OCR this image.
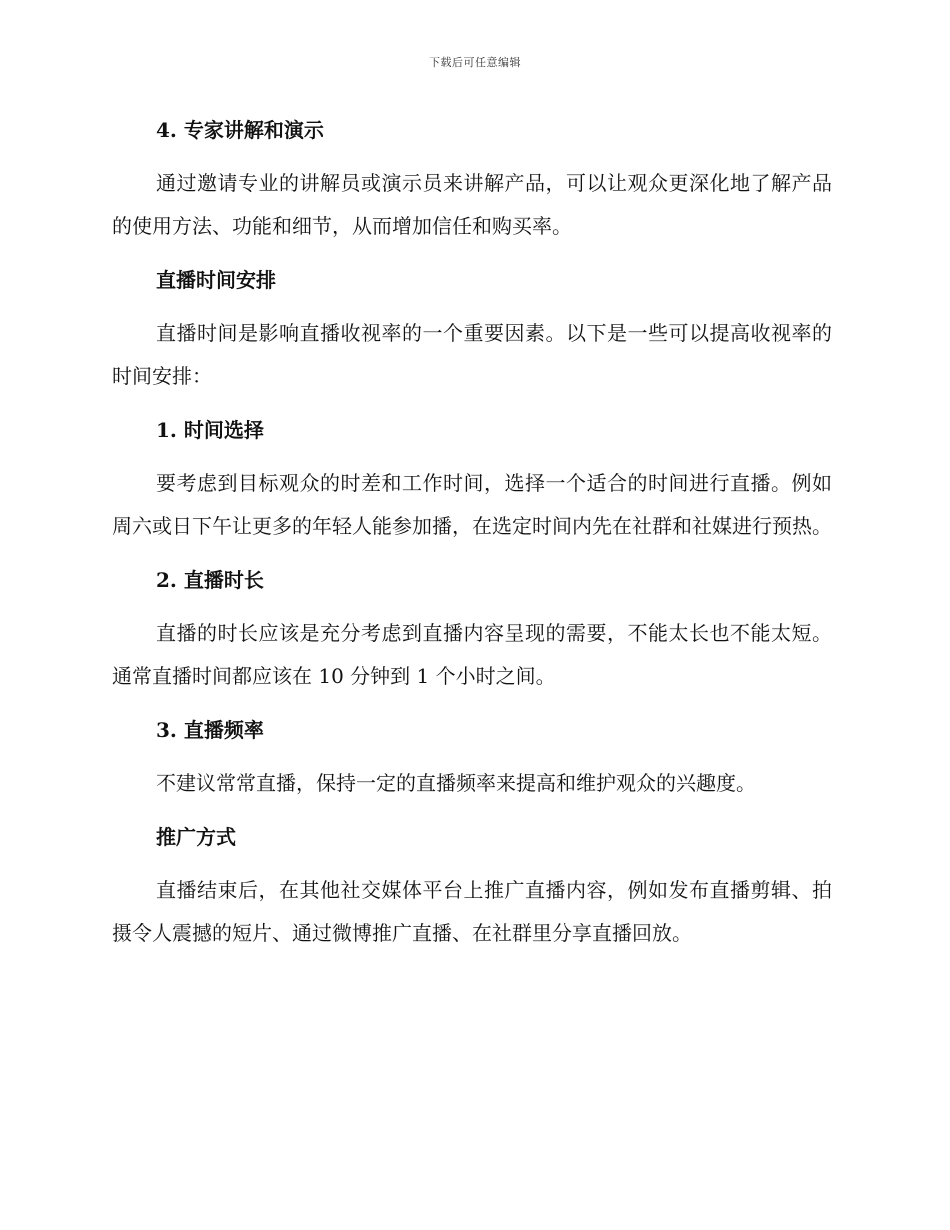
下载后可任意编辑
4. 专家讲解和演示

通过邀请专业的讲解员或演示员来讲解产品，可以让观众更深化地了解产品的使用方法、功能和细节，从而增加信任和购买率。

直播时间安排

直播时间是影响直播收视率的一个重要因素。以下是一些可以提高收视率的时间安排：

1. 时间选择

要考虑到目标观众的时差和工作时间，选择一个适合的时间进行直播。例如周六或日下午让更多的年轻人能参加播，在选定时间内先在社群和社媒进行预热。

2. 直播时长

直播的时长应该是充分考虑到直播内容呈现的需要，不能太长也不能太短。通常直播时间都应该在 10 分钟到 1 个小时之间。

3. 直播频率

不建议常常直播，保持一定的直播频率来提高和维护观众的兴趣度。

推广方式

直播结束后，在其他社交媒体平台上推广直播内容，例如发布直播剪辑、拍摄令人震撼的短片、通过微博推广直播、在社群里分享直播回放。
